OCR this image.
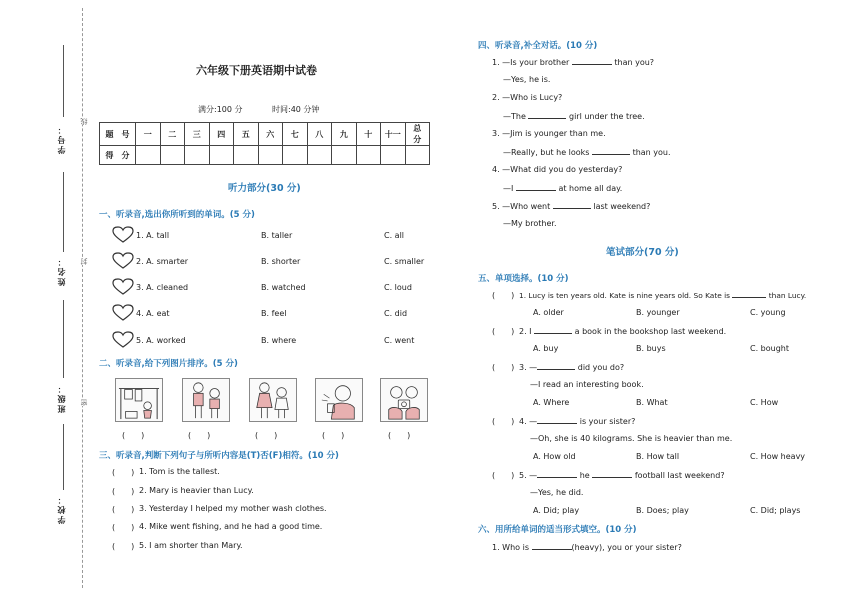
学号：
姓名：
班级：
学校：
线
封
密
六年级下册英语期中试卷
满分:100 分	时间:40 分钟
题　号	一	二	三	四	五	六	七	八	九	十	十一	总　分
得　分												
听力部分(30 分)
一、听录音,选出你所听到的单词。(5 分)
1. A. tall	B. taller	C. all
2. A. smarter	B. shorter	C. smaller
3. A. cleaned	B. watched	C. loud
4. A. eat	B. feel	C. did
5. A. worked	B. where	C. went
二、听录音,给下列图片排序。(5 分)
(　　)	(　　)	(　　)	(　　)	(　　)
三、听录音,判断下列句子与所听内容是(T)否(F)相符。(10 分)
(　　) 1. Tom is the tallest.
(　　) 2. Mary is heavier than Lucy.
(　　) 3. Yesterday I helped my mother wash clothes.
(　　) 4. Mike went fishing, and he had a good time.
(　　) 5. I am shorter than Mary.
四、听录音,补全对话。(10 分)
1. —Is your brother	than you?
—Yes, he is.
2. —Who is Lucy?
—The	girl under the tree.
3. —Jim is younger than me.
—Really, but he looks	than you.
4. —What did you do yesterday?
—I	at home all day.
5. —Who went	last weekend?
—My brother.
笔试部分(70 分)
五、单项选择。(10 分)
(　　) 1. Lucy is ten years old. Kate is nine years old. So Kate is	than Lucy.
A. older	B. younger	C. young
(　　) 2. I	a book in the bookshop last weekend.
A. buy	B. buys	C. bought
(　　) 3. —	did you do?
—I read an interesting book.
A. Where	B. What	C. How
(　　) 4. —	is your sister?
—Oh, she is 40 kilograms. She is heavier than me.
A. How old	B. How tall	C. How heavy
(　　) 5. —	he	football last weekend?
—Yes, he did.
A. Did; play	B. Does; play	C. Did; plays
六、用所给单词的适当形式填空。(10 分)
1. Who is	(heavy), you or your sister?
